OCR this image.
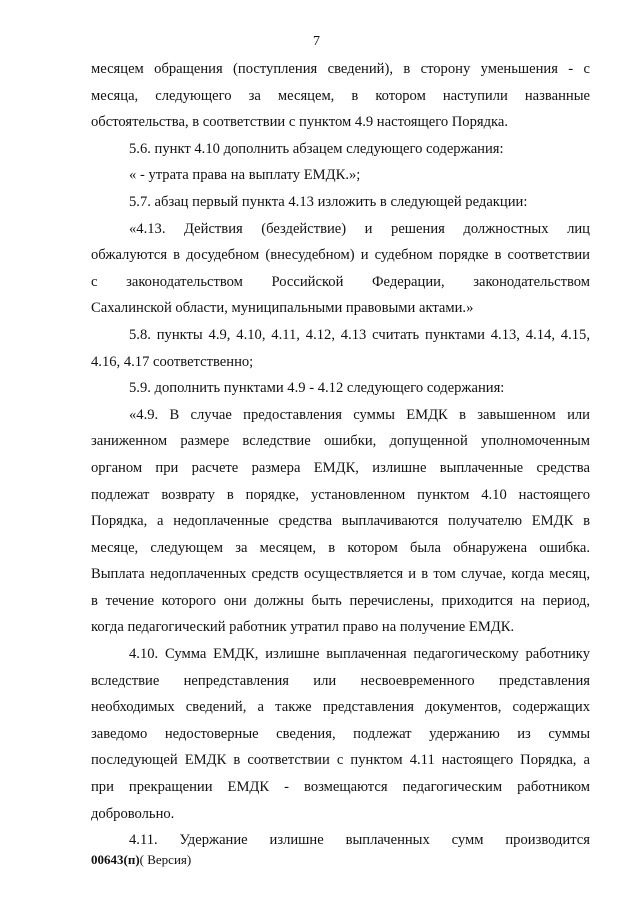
7
месяцем обращения (поступления сведений), в сторону уменьшения - с
месяца, следующего за месяцем, в котором наступили названные
обстоятельства, в соответствии с пунктом 4.9 настоящего Порядка.
5.6. пункт 4.10 дополнить абзацем следующего содержания:
« - утрата права на выплату ЕМДК.»;
5.7. абзац первый пункта 4.13 изложить в следующей редакции:
«4.13. Действия (бездействие) и решения должностных лиц
обжалуются в досудебном (внесудебном) и судебном порядке в соответствии
с законодательством Российской Федерации, законодательством
Сахалинской области, муниципальными правовыми актами.»
5.8. пункты 4.9, 4.10, 4.11, 4.12, 4.13 считать пунктами 4.13, 4.14, 4.15,
4.16, 4.17 соответственно;
5.9. дополнить пунктами 4.9 - 4.12 следующего содержания:
«4.9. В случае предоставления суммы ЕМДК в завышенном или
заниженном размере вследствие ошибки, допущенной уполномоченным
органом при расчете размера ЕМДК, излишне выплаченные средства
подлежат возврату в порядке, установленном пунктом 4.10 настоящего
Порядка, а недоплаченные средства выплачиваются получателю ЕМДК в
месяце, следующем за месяцем, в котором была обнаружена ошибка.
Выплата недоплаченных средств осуществляется и в том случае, когда месяц,
в течение которого они должны быть перечислены, приходится на период,
когда педагогический работник утратил право на получение ЕМДК.
4.10. Сумма ЕМДК, излишне выплаченная педагогическому работнику
вследствие непредставления или несвоевременного представления
необходимых сведений, а также представления документов, содержащих
заведомо недостоверные сведения, подлежат удержанию из суммы
последующей ЕМДК в соответствии с пунктом 4.11 настоящего Порядка, а
при прекращении ЕМДК - возмещаются педагогическим работником
добровольно.
4.11. Удержание излишне выплаченных сумм производится
00643(п)( Версия)
